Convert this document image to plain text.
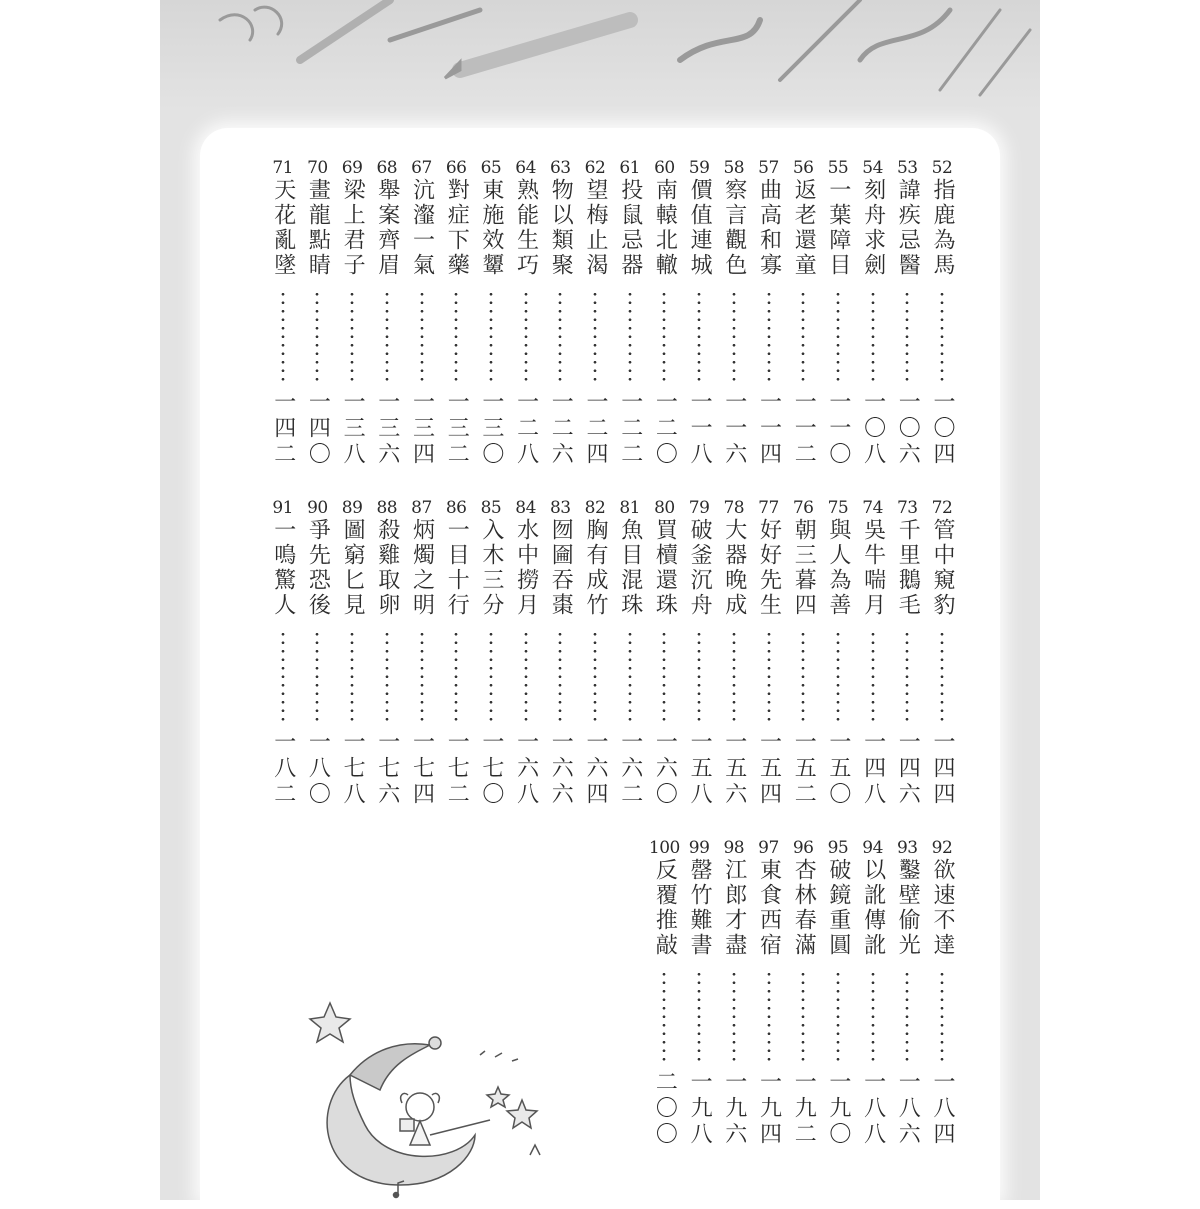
52
指鹿為馬
一〇四
53
諱疾忌醫
一〇六
54
刻舟求劍
一〇八
55
一葉障目
一一〇
56
返老還童
一一二
57
曲高和寡
一一四
58
察言觀色
一一六
59
價值連城
一一八
60
南轅北轍
一二〇
61
投鼠忌器
一二二
62
望梅止渴
一二四
63
物以類聚
一二六
64
熟能生巧
一二八
65
東施效顰
一三〇
66
對症下藥
一三二
67
沆瀣一氣
一三四
68
舉案齊眉
一三六
69
梁上君子
一三八
70
畫龍點睛
一四〇
71
天花亂墜
一四二
72
管中窺豹
一四四
73
千里鵝毛
一四六
74
吳牛喘月
一四八
75
與人為善
一五〇
76
朝三暮四
一五二
77
好好先生
一五四
78
大器晚成
一五六
79
破釜沉舟
一五八
80
買櫝還珠
一六〇
81
魚目混珠
一六二
82
胸有成竹
一六四
83
囫圇吞棗
一六六
84
水中撈月
一六八
85
入木三分
一七〇
86
一目十行
一七二
87
炳燭之明
一七四
88
殺雞取卵
一七六
89
圖窮匕見
一七八
90
爭先恐後
一八〇
91
一鳴驚人
一八二
92
欲速不達
一八四
93
鑿壁偷光
一八六
94
以訛傳訛
一八八
95
破鏡重圓
一九〇
96
杏林春滿
一九二
97
東食西宿
一九四
98
江郎才盡
一九六
99
罄竹難書
一九八
100
反覆推敲
二〇〇
